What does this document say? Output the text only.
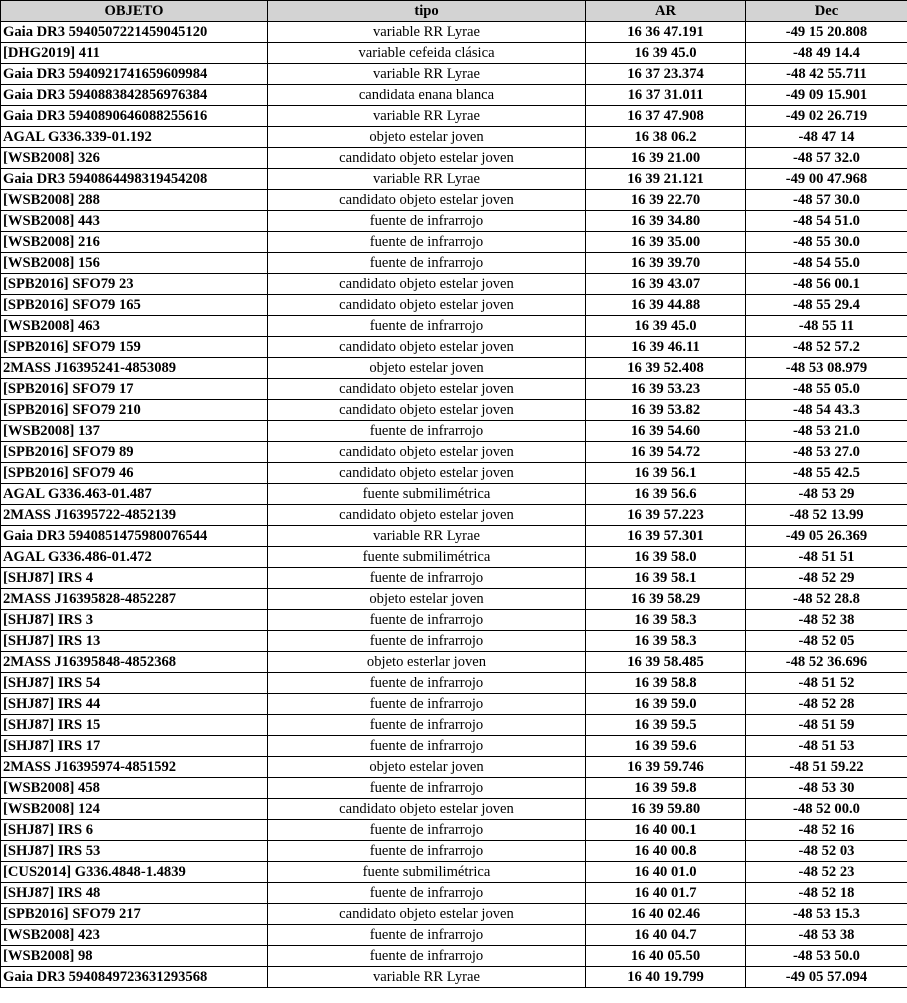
OBJETO	tipo	AR	Dec
Gaia DR3 5940507221459045120	variable RR Lyrae	16 36 47.191	-49 15 20.808
[DHG2019] 411	variable cefeida clásica	16 39 45.0	-48 49 14.4
Gaia DR3 5940921741659609984	variable RR Lyrae	16 37 23.374	-48 42 55.711
Gaia DR3 5940883842856976384	candidata enana blanca	16 37 31.011	-49 09 15.901
Gaia DR3 5940890646088255616	variable RR Lyrae	16 37 47.908	-49 02 26.719
AGAL G336.339-01.192	objeto estelar joven	16 38 06.2	-48 47 14
[WSB2008] 326	candidato objeto estelar joven	16 39 21.00	-48 57 32.0
Gaia DR3 5940864498319454208	variable RR Lyrae	16 39 21.121	-49 00 47.968
[WSB2008] 288	candidato objeto estelar joven	16 39 22.70	-48 57 30.0
[WSB2008] 443	fuente de infrarrojo	16 39 34.80	-48 54 51.0
[WSB2008] 216	fuente de infrarrojo	16 39 35.00	-48 55 30.0
[WSB2008] 156	fuente de infrarrojo	16 39 39.70	-48 54 55.0
[SPB2016] SFO79 23	candidato objeto estelar joven	16 39 43.07	-48 56 00.1
[SPB2016] SFO79 165	candidato objeto estelar joven	16 39 44.88	-48 55 29.4
[WSB2008] 463	fuente de infrarrojo	16 39 45.0	-48 55 11
[SPB2016] SFO79 159	candidato objeto estelar joven	16 39 46.11	-48 52 57.2
2MASS J16395241-4853089	objeto estelar joven	16 39 52.408	-48 53 08.979
[SPB2016] SFO79 17	candidato objeto estelar joven	16 39 53.23	-48 55 05.0
[SPB2016] SFO79 210	candidato objeto estelar joven	16 39 53.82	-48 54 43.3
[WSB2008] 137	fuente de infrarrojo	16 39 54.60	-48 53 21.0
[SPB2016] SFO79 89	candidato objeto estelar joven	16 39 54.72	-48 53 27.0
[SPB2016] SFO79 46	candidato objeto estelar joven	16 39 56.1	-48 55 42.5
AGAL G336.463-01.487	fuente submilimétrica	16 39 56.6	-48 53 29
2MASS J16395722-4852139	candidato objeto estelar joven	16 39 57.223	-48 52 13.99
Gaia DR3 5940851475980076544	variable RR Lyrae	16 39 57.301	-49 05 26.369
AGAL G336.486-01.472	fuente submilimétrica	16 39 58.0	-48 51 51
[SHJ87] IRS 4	fuente de infrarrojo	16 39 58.1	-48 52 29
2MASS J16395828-4852287	objeto estelar joven	16 39 58.29	-48 52 28.8
[SHJ87] IRS 3	fuente de infrarrojo	16 39 58.3	-48 52 38
[SHJ87] IRS 13	fuente de infrarrojo	16 39 58.3	-48 52 05
2MASS J16395848-4852368	objeto esterlar joven	16 39 58.485	-48 52 36.696
[SHJ87] IRS 54	fuente de infrarrojo	16 39 58.8	-48 51 52
[SHJ87] IRS 44	fuente de infrarrojo	16 39 59.0	-48 52 28
[SHJ87] IRS 15	fuente de infrarrojo	16 39 59.5	-48 51 59
[SHJ87] IRS 17	fuente de infrarrojo	16 39 59.6	-48 51 53
2MASS J16395974-4851592	objeto estelar joven	16 39 59.746	-48 51 59.22
[WSB2008] 458	fuente de infrarrojo	16 39 59.8	-48 53 30
[WSB2008] 124	candidato objeto estelar joven	16 39 59.80	-48 52 00.0
[SHJ87] IRS 6	fuente de infrarrojo	16 40 00.1	-48 52 16
[SHJ87] IRS 53	fuente de infrarrojo	16 40 00.8	-48 52 03
[CUS2014] G336.4848-1.4839	fuente submilimétrica	16 40 01.0	-48 52 23
[SHJ87] IRS 48	fuente de infrarrojo	16 40 01.7	-48 52 18
[SPB2016] SFO79 217	candidato objeto estelar joven	16 40 02.46	-48 53 15.3
[WSB2008] 423	fuente de infrarrojo	16 40 04.7	-48 53 38
[WSB2008] 98	fuente de infrarrojo	16 40 05.50	-48 53 50.0
Gaia DR3 5940849723631293568	variable RR Lyrae	16 40 19.799	-49 05 57.094
